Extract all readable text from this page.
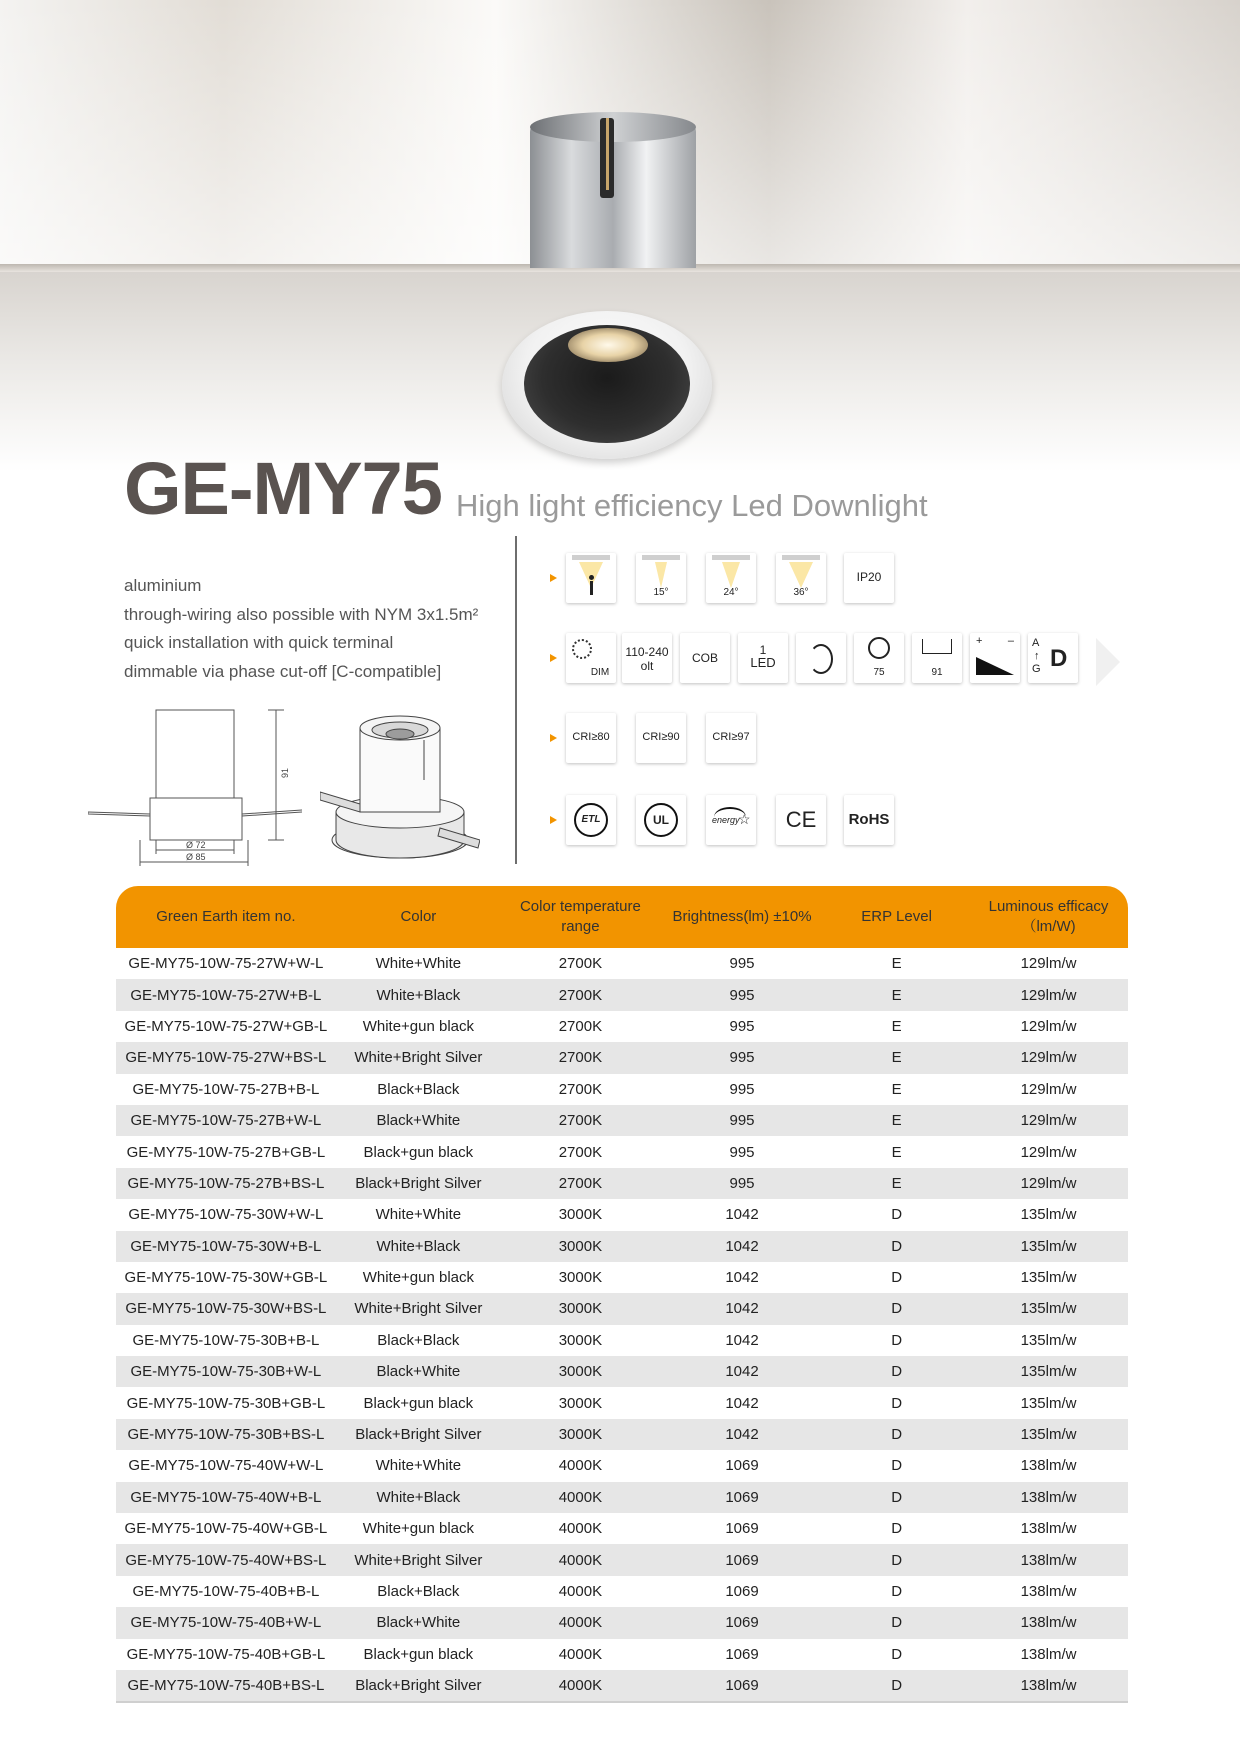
GE-MY75 High light efficiency Led Downlight

aluminium
through-wiring also possible with NYM 3x1.5m²
quick installation with quick terminal
dimmable via phase cut-off [C-compatible]
91
Ø 72
Ø 85
15°	24°	36°
IP20
DIM
110-240
olt
COB
1
LED
75	91
+ – A
↑
G D
CRI≥80	CRI≥90	CRI≥97
ETL	UL	energy
☆	CE	RoHS
Green Earth item no.	Color	Color temperature range	Brightness(lm) ±10%	ERP Level	Luminous efficacy （lm/W)
GE-MY75-10W-75-27W+W-L	White+White	2700K	995	E	129lm/w
GE-MY75-10W-75-27W+B-L	White+Black	2700K	995	E	129lm/w
GE-MY75-10W-75-27W+GB-L	White+gun black	2700K	995	E	129lm/w
GE-MY75-10W-75-27W+BS-L	White+Bright Silver	2700K	995	E	129lm/w
GE-MY75-10W-75-27B+B-L	Black+Black	2700K	995	E	129lm/w
GE-MY75-10W-75-27B+W-L	Black+White	2700K	995	E	129lm/w
GE-MY75-10W-75-27B+GB-L	Black+gun black	2700K	995	E	129lm/w
GE-MY75-10W-75-27B+BS-L	Black+Bright Silver	2700K	995	E	129lm/w
GE-MY75-10W-75-30W+W-L	White+White	3000K	1042	D	135lm/w
GE-MY75-10W-75-30W+B-L	White+Black	3000K	1042	D	135lm/w
GE-MY75-10W-75-30W+GB-L	White+gun black	3000K	1042	D	135lm/w
GE-MY75-10W-75-30W+BS-L	White+Bright Silver	3000K	1042	D	135lm/w
GE-MY75-10W-75-30B+B-L	Black+Black	3000K	1042	D	135lm/w
GE-MY75-10W-75-30B+W-L	Black+White	3000K	1042	D	135lm/w
GE-MY75-10W-75-30B+GB-L	Black+gun black	3000K	1042	D	135lm/w
GE-MY75-10W-75-30B+BS-L	Black+Bright Silver	3000K	1042	D	135lm/w
GE-MY75-10W-75-40W+W-L	White+White	4000K	1069	D	138lm/w
GE-MY75-10W-75-40W+B-L	White+Black	4000K	1069	D	138lm/w
GE-MY75-10W-75-40W+GB-L	White+gun black	4000K	1069	D	138lm/w
GE-MY75-10W-75-40W+BS-L	White+Bright Silver	4000K	1069	D	138lm/w
GE-MY75-10W-75-40B+B-L	Black+Black	4000K	1069	D	138lm/w
GE-MY75-10W-75-40B+W-L	Black+White	4000K	1069	D	138lm/w
GE-MY75-10W-75-40B+GB-L	Black+gun black	4000K	1069	D	138lm/w
GE-MY75-10W-75-40B+BS-L	Black+Bright Silver	4000K	1069	D	138lm/w
